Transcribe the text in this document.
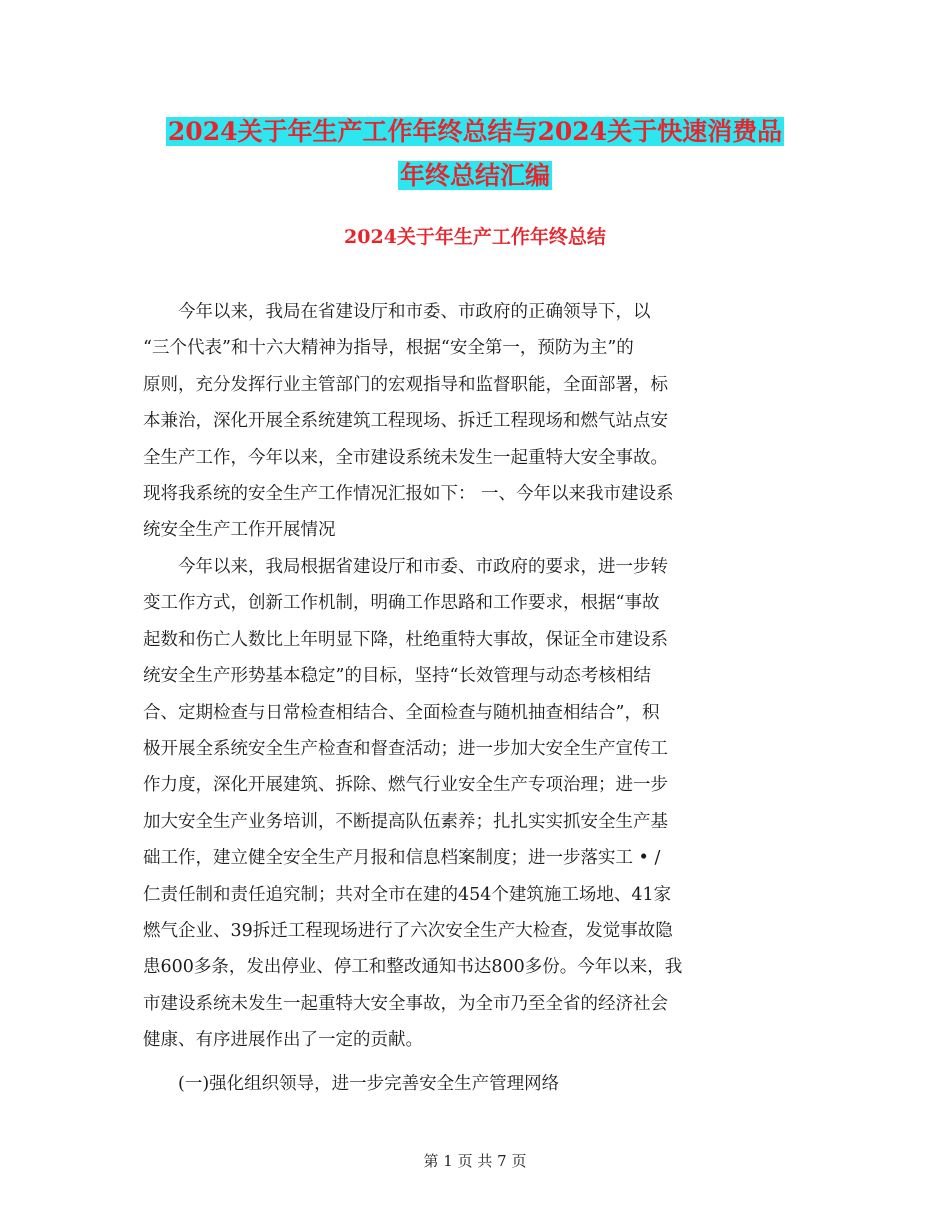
2024关于年生产工作年终总结与2024关于快速消费品
年终总结汇编
2024关于年生产工作年终总结
　　今年以来，我局在省建设厅和市委、市政府的正确领导下，以
“三个代表”和十六大精神为指导，根据“安全第一，预防为主”的
原则，充分发挥行业主管部门的宏观指导和监督职能，全面部署，标
本兼治，深化开展全系统建筑工程现场、拆迁工程现场和燃气站点安
全生产工作，今年以来，全市建设系统未发生一起重特大安全事故。
现将我系统的安全生产工作情况汇报如下： 一、今年以来我市建设系
统安全生产工作开展情况
　　今年以来，我局根据省建设厅和市委、市政府的要求，进一步转
变工作方式，创新工作机制，明确工作思路和工作要求，根据“事故
起数和伤亡人数比上年明显下降，杜绝重特大事故，保证全市建设系
统安全生产形势基本稳定”的目标，坚持“长效管理与动态考核相结
合、定期检查与日常检查相结合、全面检查与随机抽查相结合”，积
极开展全系统安全生产检查和督查活动；进一步加大安全生产宣传工
作力度，深化开展建筑、拆除、燃气行业安全生产专项治理；进一步
加大安全生产业务培训，不断提高队伍素养；扎扎实实抓安全生产基
础工作，建立健全安全生产月报和信息档案制度；进一步落实工 • /
仁责任制和责任追究制；共对全市在建的454个建筑施工场地、41家
燃气企业、39拆迁工程现场进行了六次安全生产大检查，发觉事故隐
患600多条，发出停业、停工和整改通知书达800多份。今年以来，我
市建设系统未发生一起重特大安全事故，为全市乃至全省的经济社会
健康、有序进展作出了一定的贡献。
　　(一)强化组织领导，进一步完善安全生产管理网络
第 1 页 共 7 页
